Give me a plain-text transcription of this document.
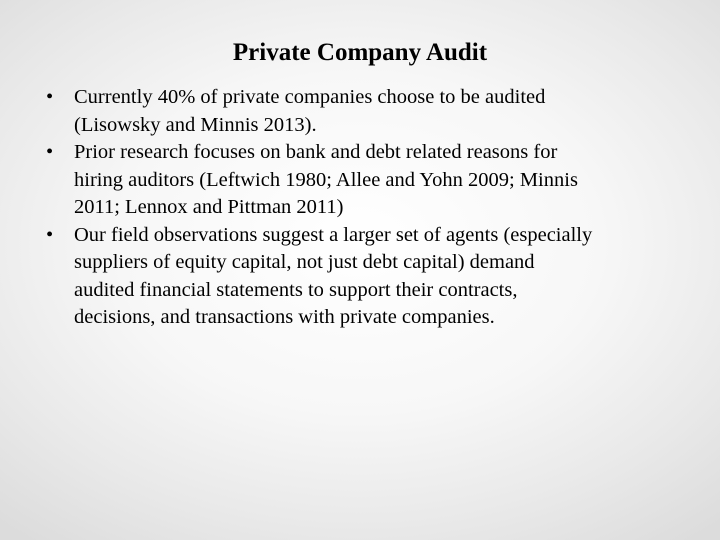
Private Company Audit
•	Currently 40% of private companies choose to be audited
(Lisowsky and Minnis 2013).
•	Prior research focuses on bank and debt related reasons for
hiring auditors (Leftwich 1980; Allee and Yohn 2009; Minnis
2011; Lennox and Pittman 2011)
•	Our field observations suggest a larger set of agents (especially
suppliers of equity capital, not just debt capital) demand
audited financial statements to support their contracts,
decisions, and transactions with private companies.
